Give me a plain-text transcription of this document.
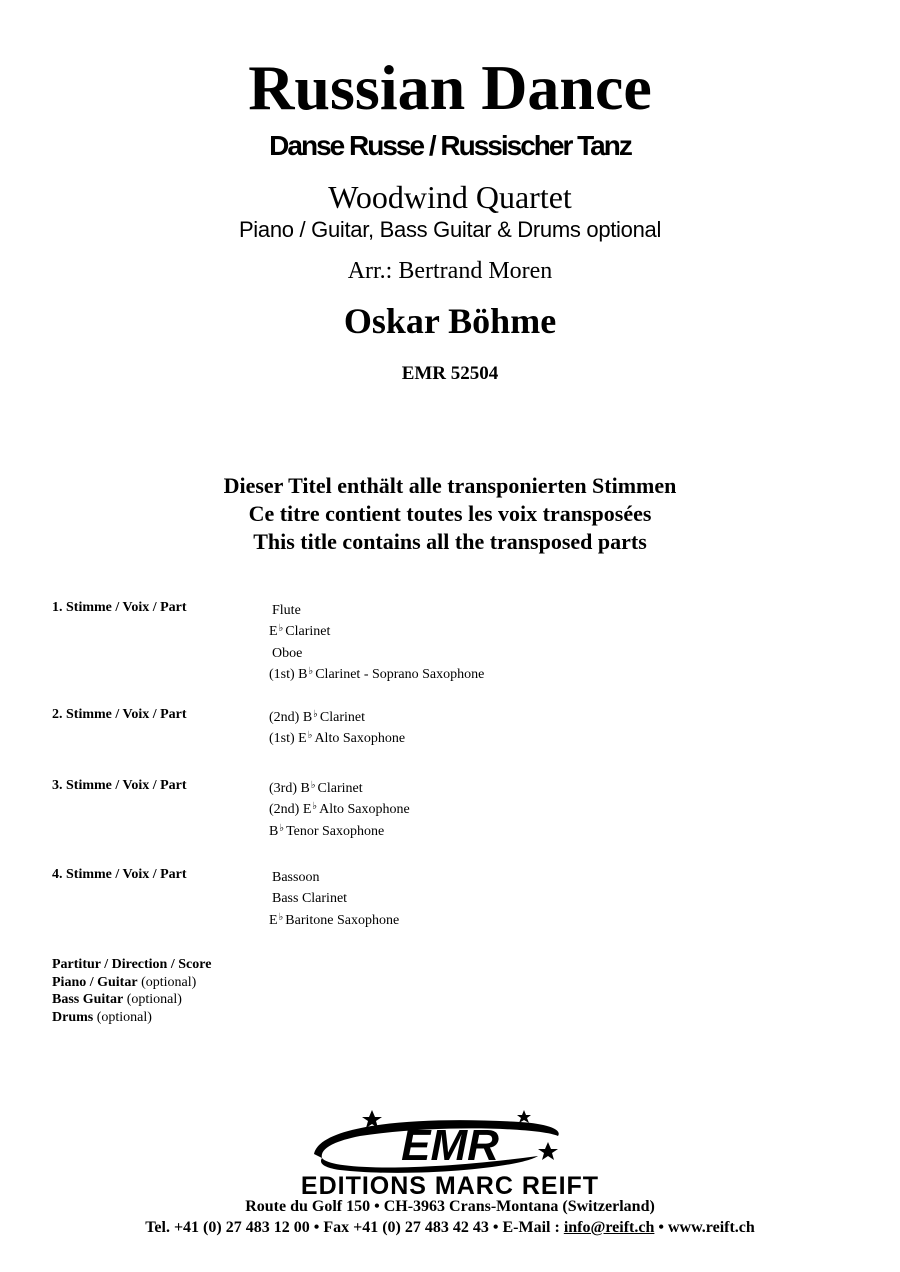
Russian Dance
Danse Russe / Russischer Tanz
Woodwind Quartet
Piano / Guitar, Bass Guitar & Drums optional
Arr.: Bertrand Moren
Oskar Böhme
EMR 52504
Dieser Titel enthält alle transponierten Stimmen
Ce titre contient toutes les voix transposées
This title contains all the transposed parts
1. Stimme / Voix / Part	Flute
E♭ Clarinet
Oboe
(1st) B♭ Clarinet - Soprano Saxophone
2. Stimme / Voix / Part	(2nd) B♭ Clarinet
(1st) E♭ Alto Saxophone
3. Stimme / Voix / Part	(3rd) B♭ Clarinet
(2nd) E♭ Alto Saxophone
B♭ Tenor Saxophone
4. Stimme / Voix / Part	Bassoon
Bass Clarinet
E♭ Baritone Saxophone
Partitur / Direction / Score
Piano / Guitar (optional)
Bass Guitar (optional)
Drums (optional)
EMR
EDITIONS MARC REIFT
Route du Golf 150 • CH-3963 Crans-Montana (Switzerland)
Tel. +41 (0) 27 483 12 00 • Fax +41 (0) 27 483 42 43 • E-Mail : info@reift.ch • www.reift.ch
